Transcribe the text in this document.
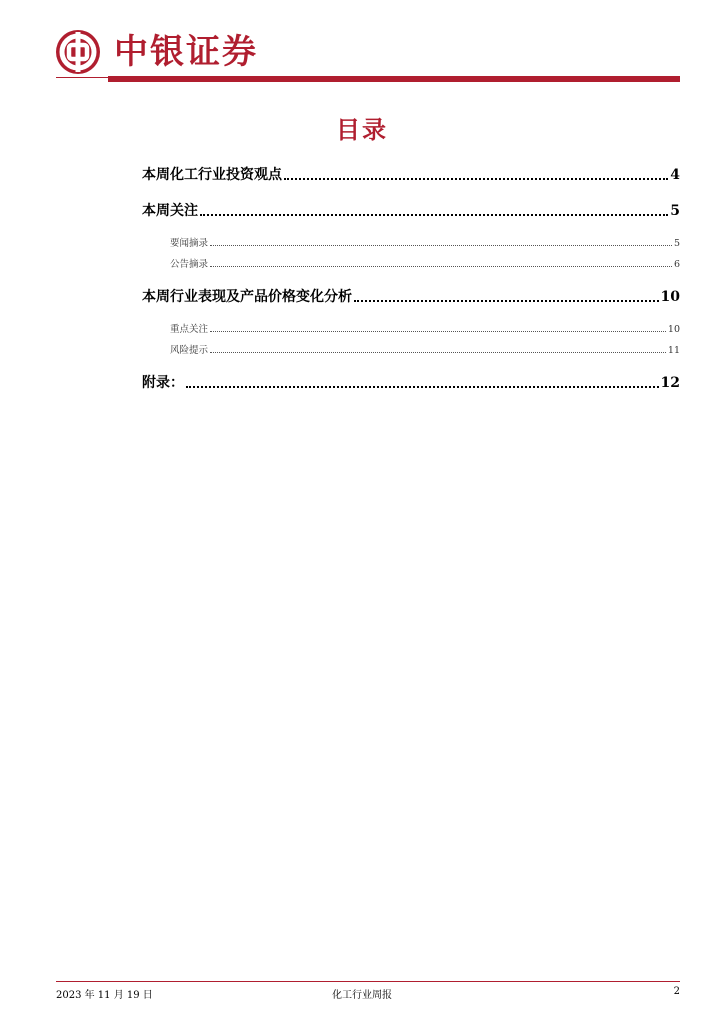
中银证券
目录
本周化工行业投资观点	4
本周关注	5
要闻摘录	5
公告摘录	6
本周行业表现及产品价格变化分析	10
重点关注	10
风险提示	11
附录：	12
2023 年 11 月 19 日	化工行业周报	2
